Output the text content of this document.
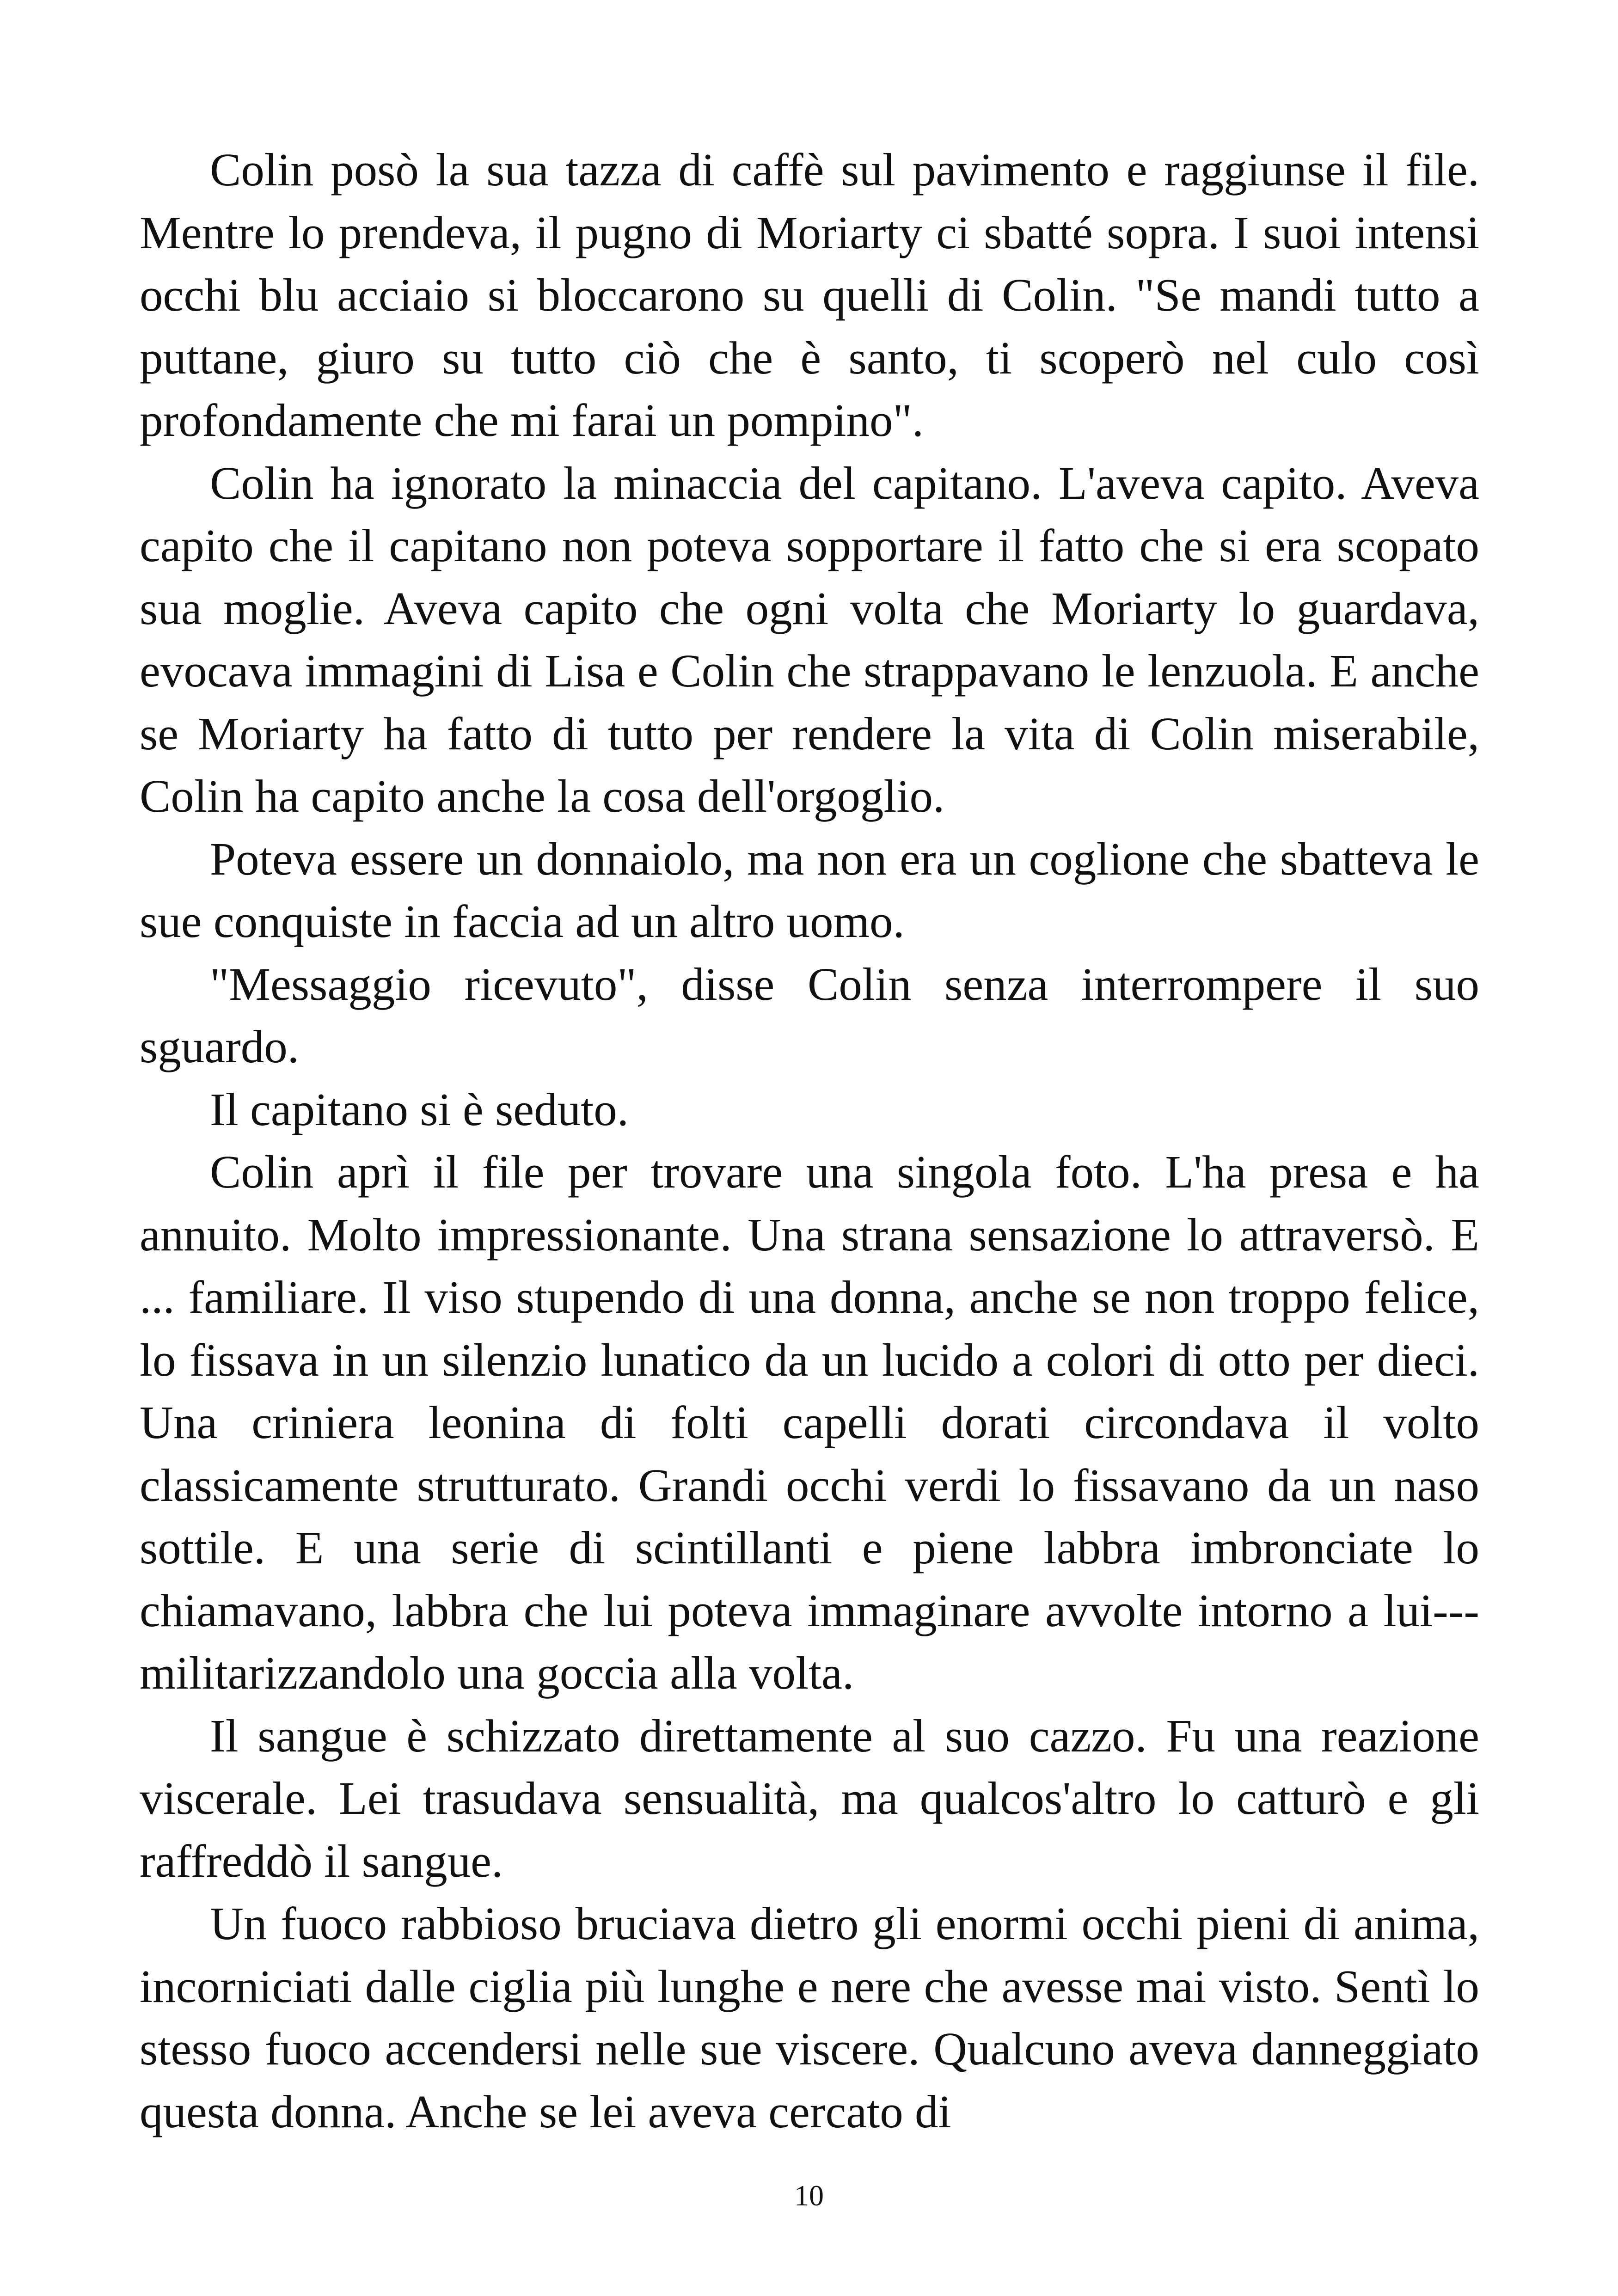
Colin posò la sua tazza di caffè sul pavimento e raggiunse il file. Mentre lo prendeva, il pugno di Moriarty ci sbatté sopra. I suoi intensi occhi blu acciaio si bloccarono su quelli di Colin. "Se mandi tutto a puttane, giuro su tutto ciò che è santo, ti scoperò nel culo così profondamente che mi farai un pompino".

Colin ha ignorato la minaccia del capitano. L'aveva capito. Aveva capito che il capitano non poteva sopportare il fatto che si era scopato sua moglie. Aveva capito che ogni volta che Moriarty lo guardava, evocava immagini di Lisa e Colin che strappavano le lenzuola. E anche se Moriarty ha fatto di tutto per rendere la vita di Colin miserabile, Colin ha capito anche la cosa dell'orgoglio.

Poteva essere un donnaiolo, ma non era un coglione che sbatteva le sue conquiste in faccia ad un altro uomo.

"Messaggio ricevuto", disse Colin senza interrompere il suo sguardo.

Il capitano si è seduto.

Colin aprì il file per trovare una singola foto. L'ha presa e ha annuito. Molto impressionante. Una strana sensazione lo attraversò. E ... familiare. Il viso stupendo di una donna, anche se non troppo felice, lo fissava in un silenzio lunatico da un lucido a colori di otto per dieci. Una criniera leonina di folti capelli dorati circondava il volto classicamente strutturato. Grandi occhi verdi lo fissavano da un naso sottile. E una serie di scintillanti e piene labbra imbronciate lo chiamavano, labbra che lui poteva immaginare avvolte intorno a lui---militarizzandolo una goccia alla volta.

Il sangue è schizzato direttamente al suo cazzo. Fu una reazione viscerale. Lei trasudava sensualità, ma qualcos'altro lo catturò e gli raffreddò il sangue.

Un fuoco rabbioso bruciava dietro gli enormi occhi pieni di anima, incorniciati dalle ciglia più lunghe e nere che avesse mai visto. Sentì lo stesso fuoco accendersi nelle sue viscere. Qualcuno aveva danneggiato questa donna. Anche se lei aveva cercato di

10
